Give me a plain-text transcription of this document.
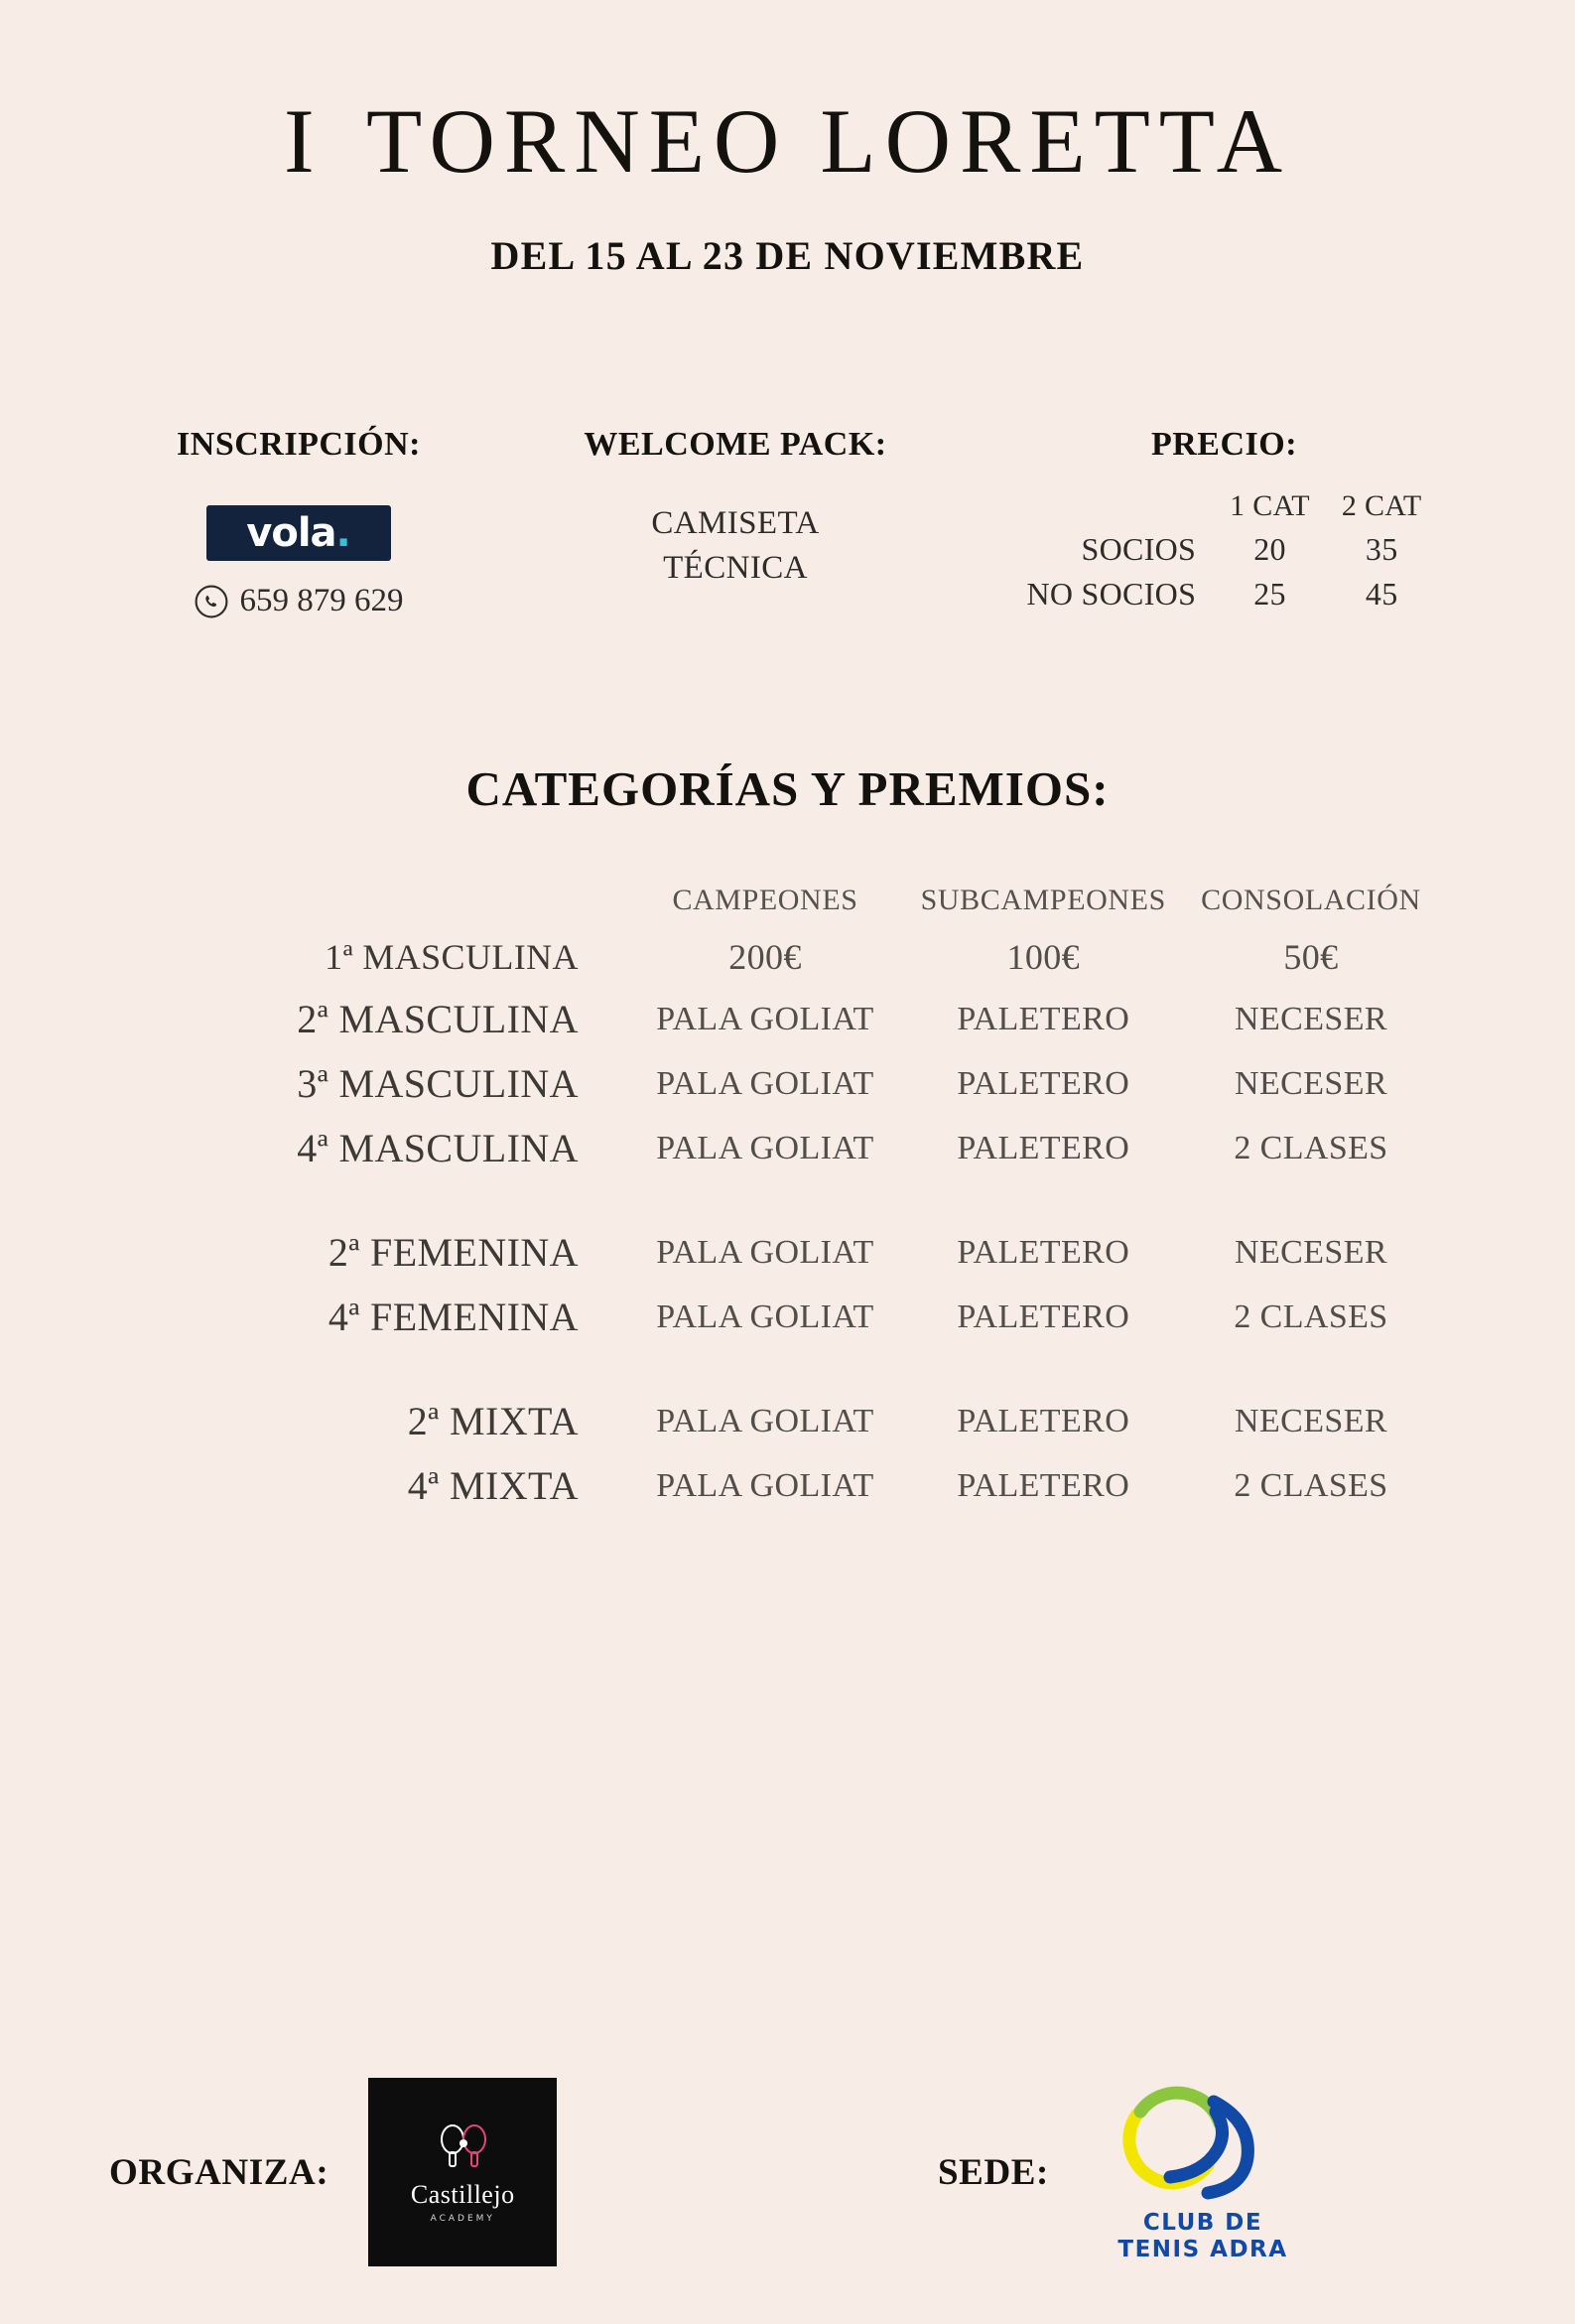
I TORNEO LORETTA
DEL 15 AL 23 DE NOVIEMBRE
INSCRIPCIÓN:
vola .
659 879 629
WELCOME PACK:
CAMISETA
TÉCNICA
PRECIO:
	1 CAT	2 CAT
SOCIOS	20	35
NO SOCIOS	25	45
CATEGORÍAS Y PREMIOS:
	CAMPEONES	SUBCAMPEONES	CONSOLACIÓN
1ª MASCULINA	200€	100€	50€
2ª MASCULINA	PALA GOLIAT	PALETERO	NECESER
3ª MASCULINA	PALA GOLIAT	PALETERO	NECESER
4ª MASCULINA	PALA GOLIAT	PALETERO	2 CLASES

2ª FEMENINA	PALA GOLIAT	PALETERO	NECESER
4ª FEMENINA	PALA GOLIAT	PALETERO	2 CLASES

2ª MIXTA	PALA GOLIAT	PALETERO	NECESER
4ª MIXTA	PALA GOLIAT	PALETERO	2 CLASES
ORGANIZA:
Castillejo
ACADEMY
SEDE:
CLUB DE
TENIS ADRA
